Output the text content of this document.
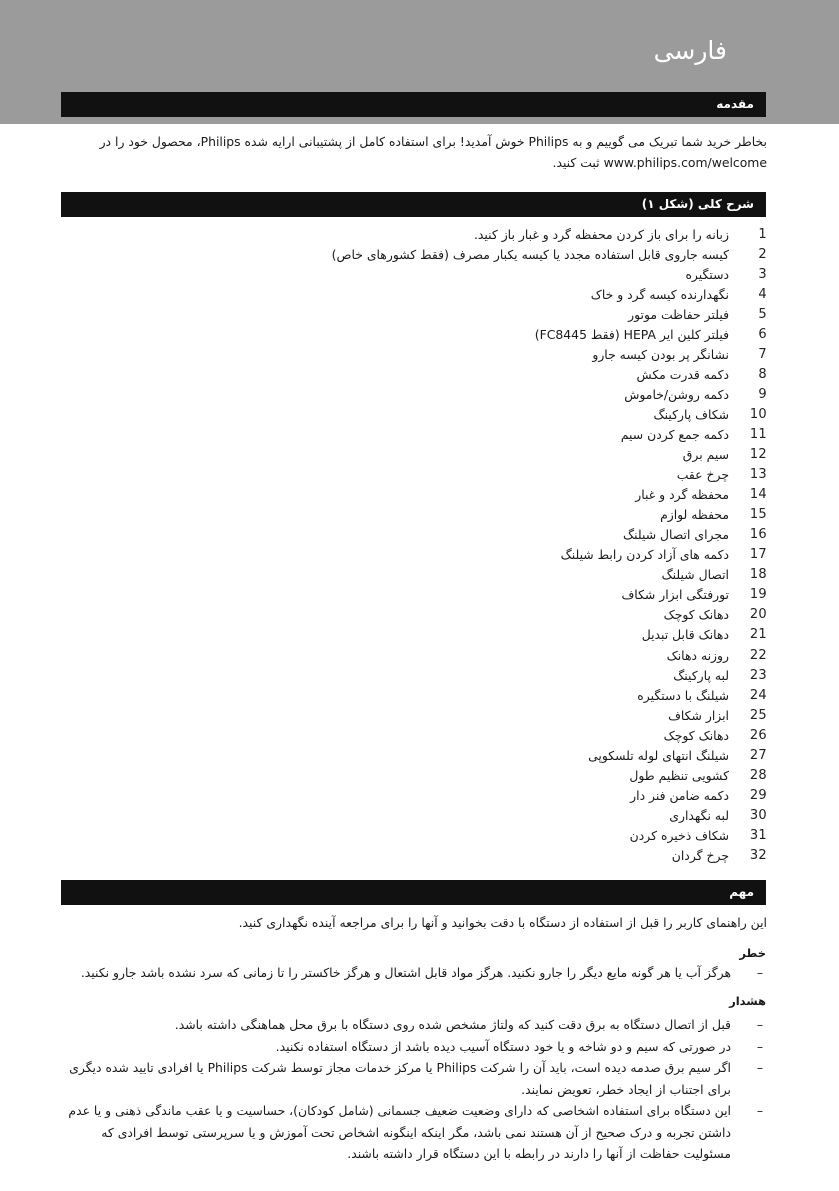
فارسی
مقدمه

بخاطر خرید شما تبریک می گوییم و به Philips خوش آمدید! برای استفاده کامل از پشتیبانی ارایه شده Philips، محصول خود را در

www.philips.com/welcome ثبت کنید.

شرح کلی (شکل ۱)
زبانه را برای باز کردن محفظه گرد و غبار باز کنید.	1
کیسه جاروی قابل استفاده مجدد یا کیسه یکبار مصرف (فقط کشورهای خاص)	2
دستگیره	3
نگهدارنده کیسه گرد و خاک	4
فیلتر حفاظت موتور	5
فیلتر کلین ایر HEPA (فقط FC8445)	6
نشانگر پر بودن کیسه جارو	7
دکمه قدرت مکش	8
دکمه روشن/خاموش	9
شکاف پارکینگ	10
دکمه جمع کردن سیم	11
سیم برق	12
چرخ عقب	13
محفظه گرد و غبار	14
محفظه لوازم	15
مجرای اتصال شیلنگ	16
دکمه های آزاد کردن رابط شیلنگ	17
اتصال شیلنگ	18
تورفتگی ابزار شکاف	19
دهانک کوچک	20
دهانک قابل تبدیل	21
روزنه دهانک	22
لبه پارکینگ	23
شیلنگ با دستگیره	24
ابزار شکاف	25
دهانک کوچک	26
شیلنگ انتهای لوله تلسکوپی	27
کشویی تنظیم طول	28
دکمه ضامن فنر دار	29
لبه نگهداری	30
شکاف ذخیره کردن	31
چرخ گردان	32
مهم

این راهنمای کاربر را قبل از استفاده از دستگاه با دقت بخوانید و آنها را برای مراجعه آینده نگهداری کنید.

خطر
–
هرگز آب یا هر گونه مایع دیگر را جارو نکنید. هرگز مواد قابل اشتعال و هرگز خاکستر را تا زمانی که سرد نشده باشد جارو نکنید.
هشدار
–
قبل از اتصال دستگاه به برق دقت کنید که ولتاژ مشخص شده روی دستگاه با برق محل هماهنگی داشته باشد.
–
در صورتی که سیم و دو شاخه و یا خود دستگاه آسیب دیده باشد از دستگاه استفاده نکنید.
–
اگر سیم برق صدمه دیده است، باید آن را شرکت Philips یا مرکز خدمات مجاز توسط شرکت Philips یا افرادی تایید شده دیگری برای اجتناب از ایجاد خطر، تعویض نمایند.
–
این دستگاه برای استفاده اشخاصی که دارای وضعیت ضعیف جسمانی (شامل کودکان)، حساسیت و یا عقب ماندگی ذهنی و یا عدم داشتن تجربه و درک صحیح از آن هستند نمی باشد، مگر اینکه اینگونه اشخاص تحت آموزش و یا سرپرستی توسط افرادی که مسئولیت حفاظت از آنها را دارند در رابطه با این دستگاه قرار داشته باشند.
